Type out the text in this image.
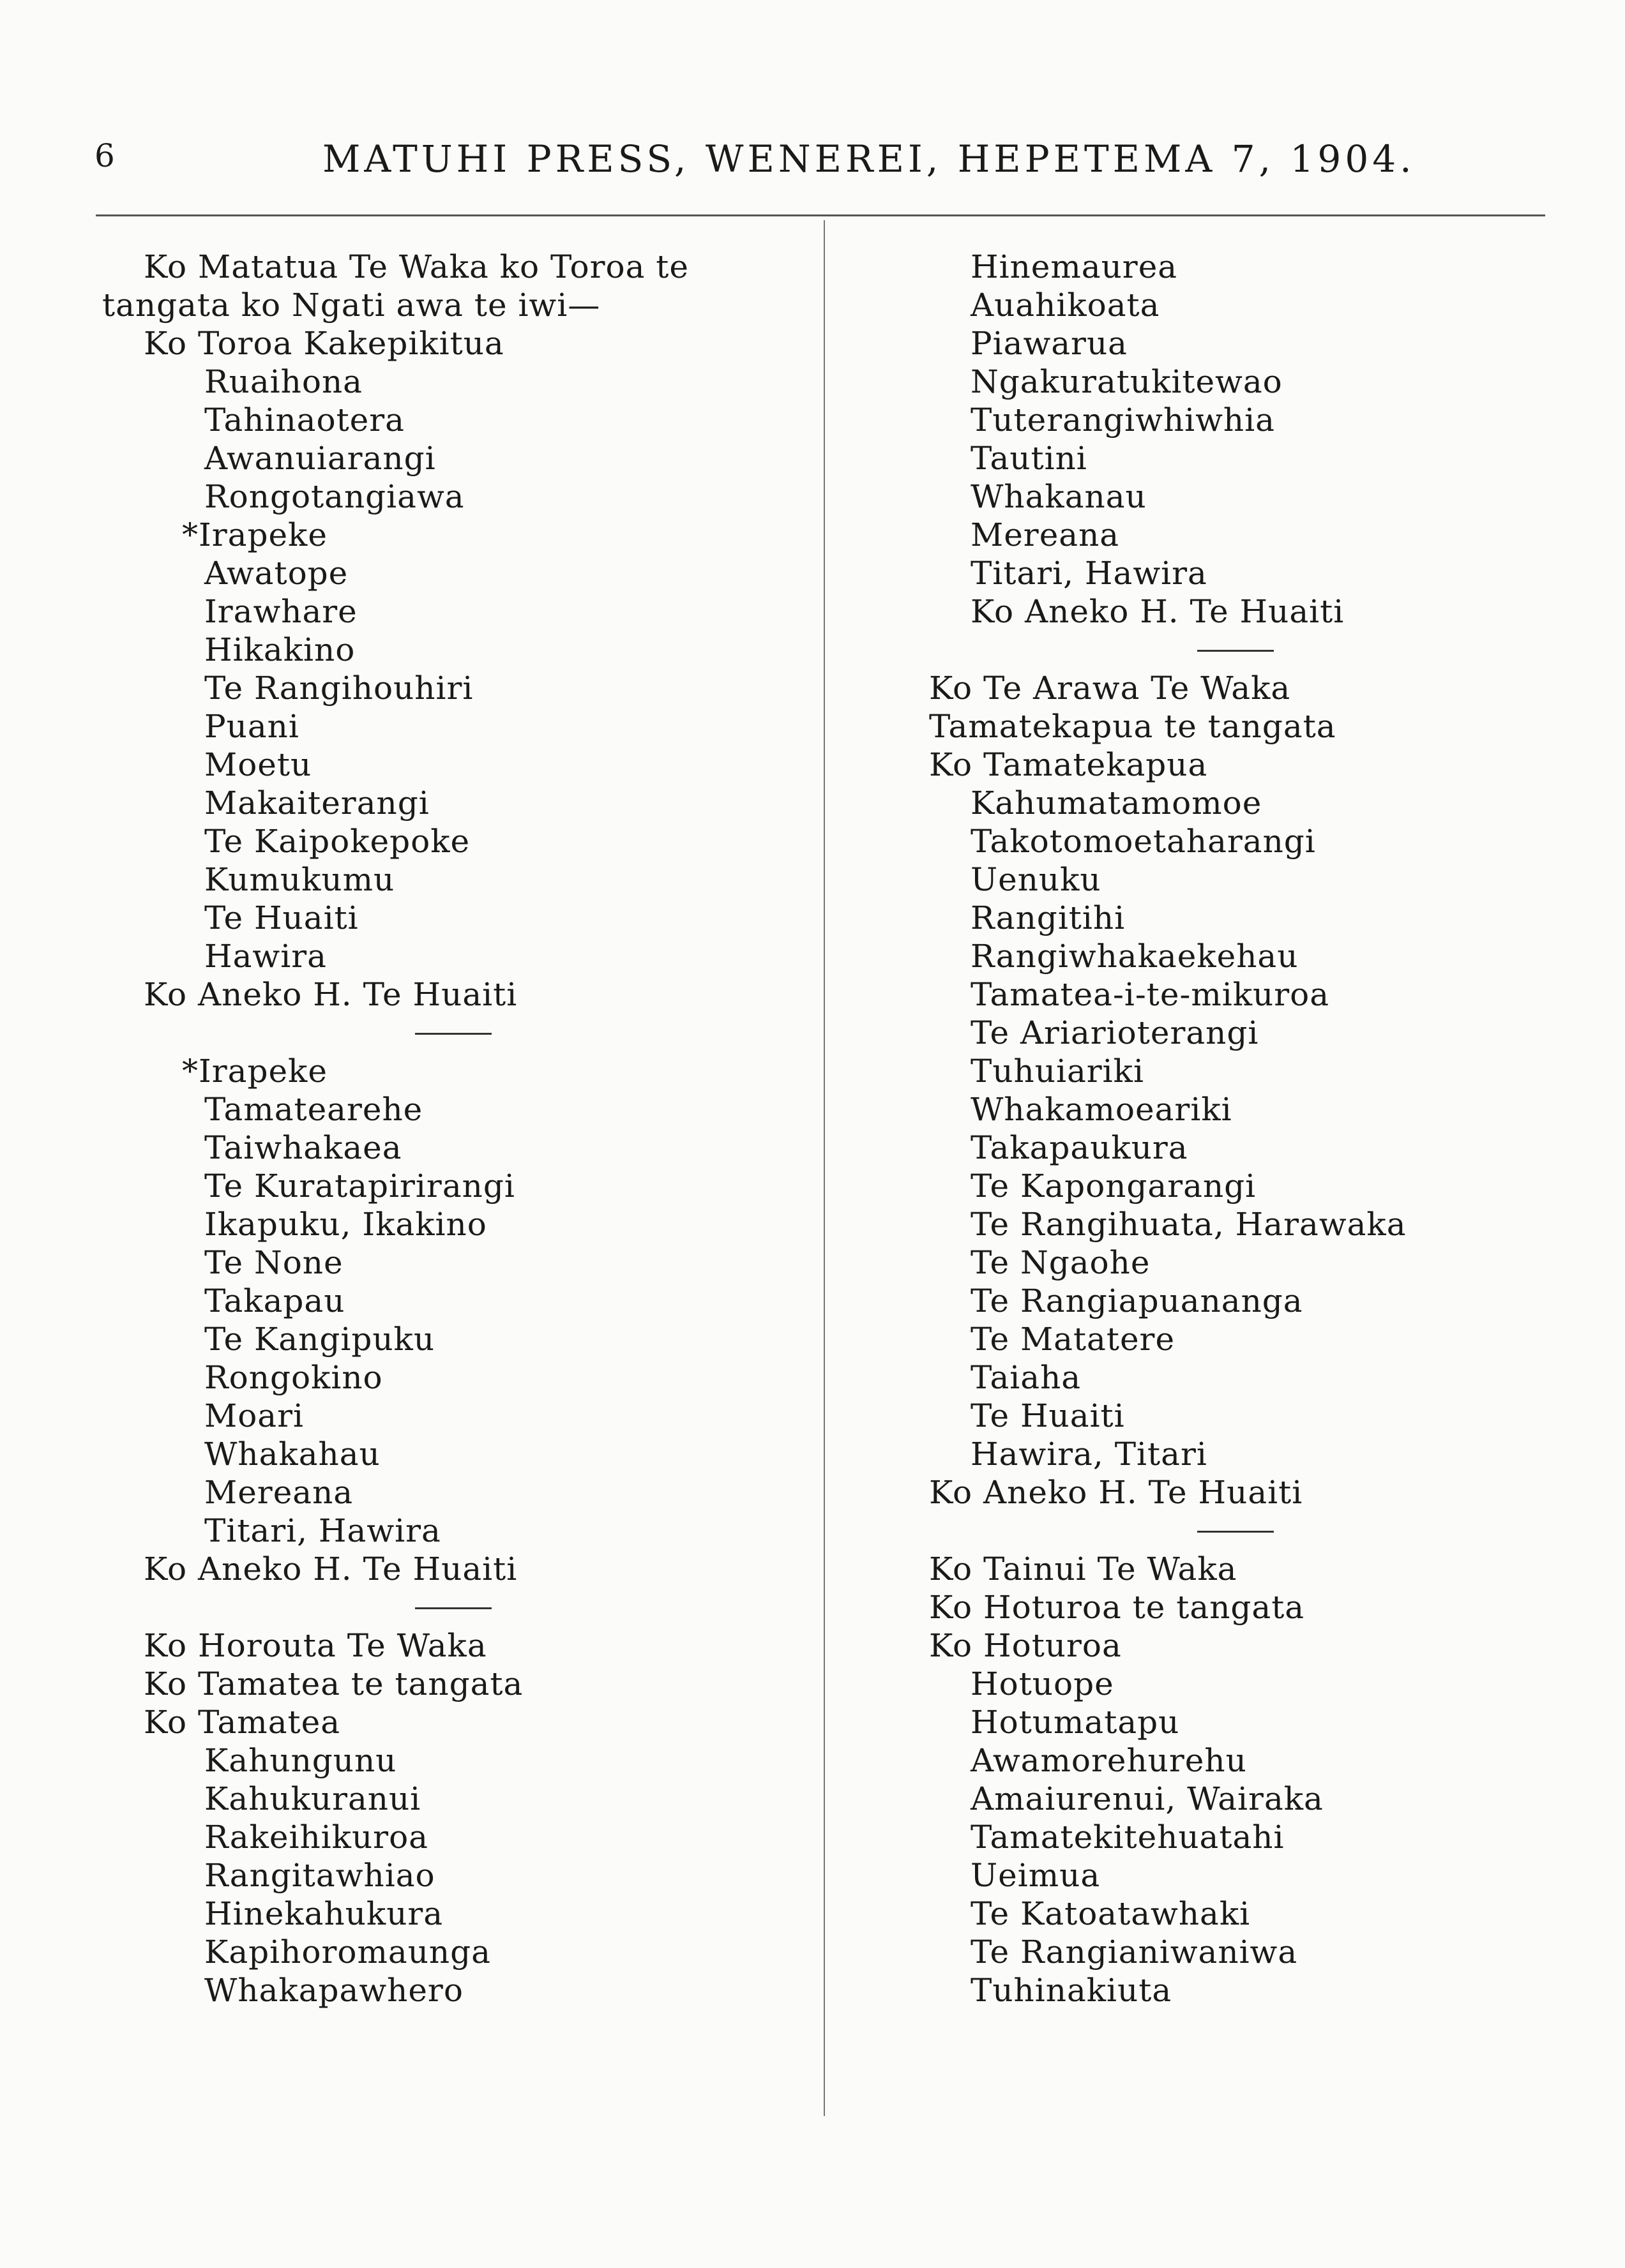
6	MATUHI PRESS, WENEREI, HEPETEMA 7, 1904.
Ko Matatua Te Waka ko Toroa te
tangata ko Ngati awa te iwi—
Ko Toroa Kakepikitua
Ruaihona
Tahinaotera
Awanuiarangi
Rongotangiawa
*Irapeke
Awatope
Irawhare
Hikakino
Te Rangihouhiri
Puani
Moetu
Makaiterangi
Te Kaipokepoke
Kumukumu
Te Huaiti
Hawira
Ko Aneko H. Te Huaiti
*Irapeke
Tamatearehe
Taiwhakaea
Te Kuratapirirangi
Ikapuku, Ikakino
Te None
Takapau
Te Kangipuku
Rongokino
Moari
Whakahau
Mereana
Titari, Hawira
Ko Aneko H. Te Huaiti
Ko Horouta Te Waka
Ko Tamatea te tangata
Ko Tamatea
Kahungunu
Kahukuranui
Rakeihikuroa
Rangitawhiao
Hinekahukura
Kapihoromaunga
Whakapawhero
Hinemaurea
Auahikoata
Piawarua
Ngakuratukitewao
Tuterangiwhiwhia
Tautini
Whakanau
Mereana
Titari, Hawira
Ko Aneko H. Te Huaiti
Ko Te Arawa Te Waka
Tamatekapua te tangata
Ko Tamatekapua
Kahumatamomoe
Takotomoetaharangi
Uenuku
Rangitihi
Rangiwhakaekehau
Tamatea-i-te-mikuroa
Te Ariarioterangi
Tuhuiariki
Whakamoeariki
Takapaukura
Te Kapongarangi
Te Rangihuata, Harawaka
Te Ngaohe
Te Rangiapuananga
Te Matatere
Taiaha
Te Huaiti
Hawira, Titari
Ko Aneko H. Te Huaiti
Ko Tainui Te Waka
Ko Hoturoa te tangata
Ko Hoturoa
Hotuope
Hotumatapu
Awamorehurehu
Amaiurenui, Wairaka
Tamatekitehuatahi
Ueimua
Te Katoatawhaki
Te Rangianiwaniwa
Tuhinakiuta
